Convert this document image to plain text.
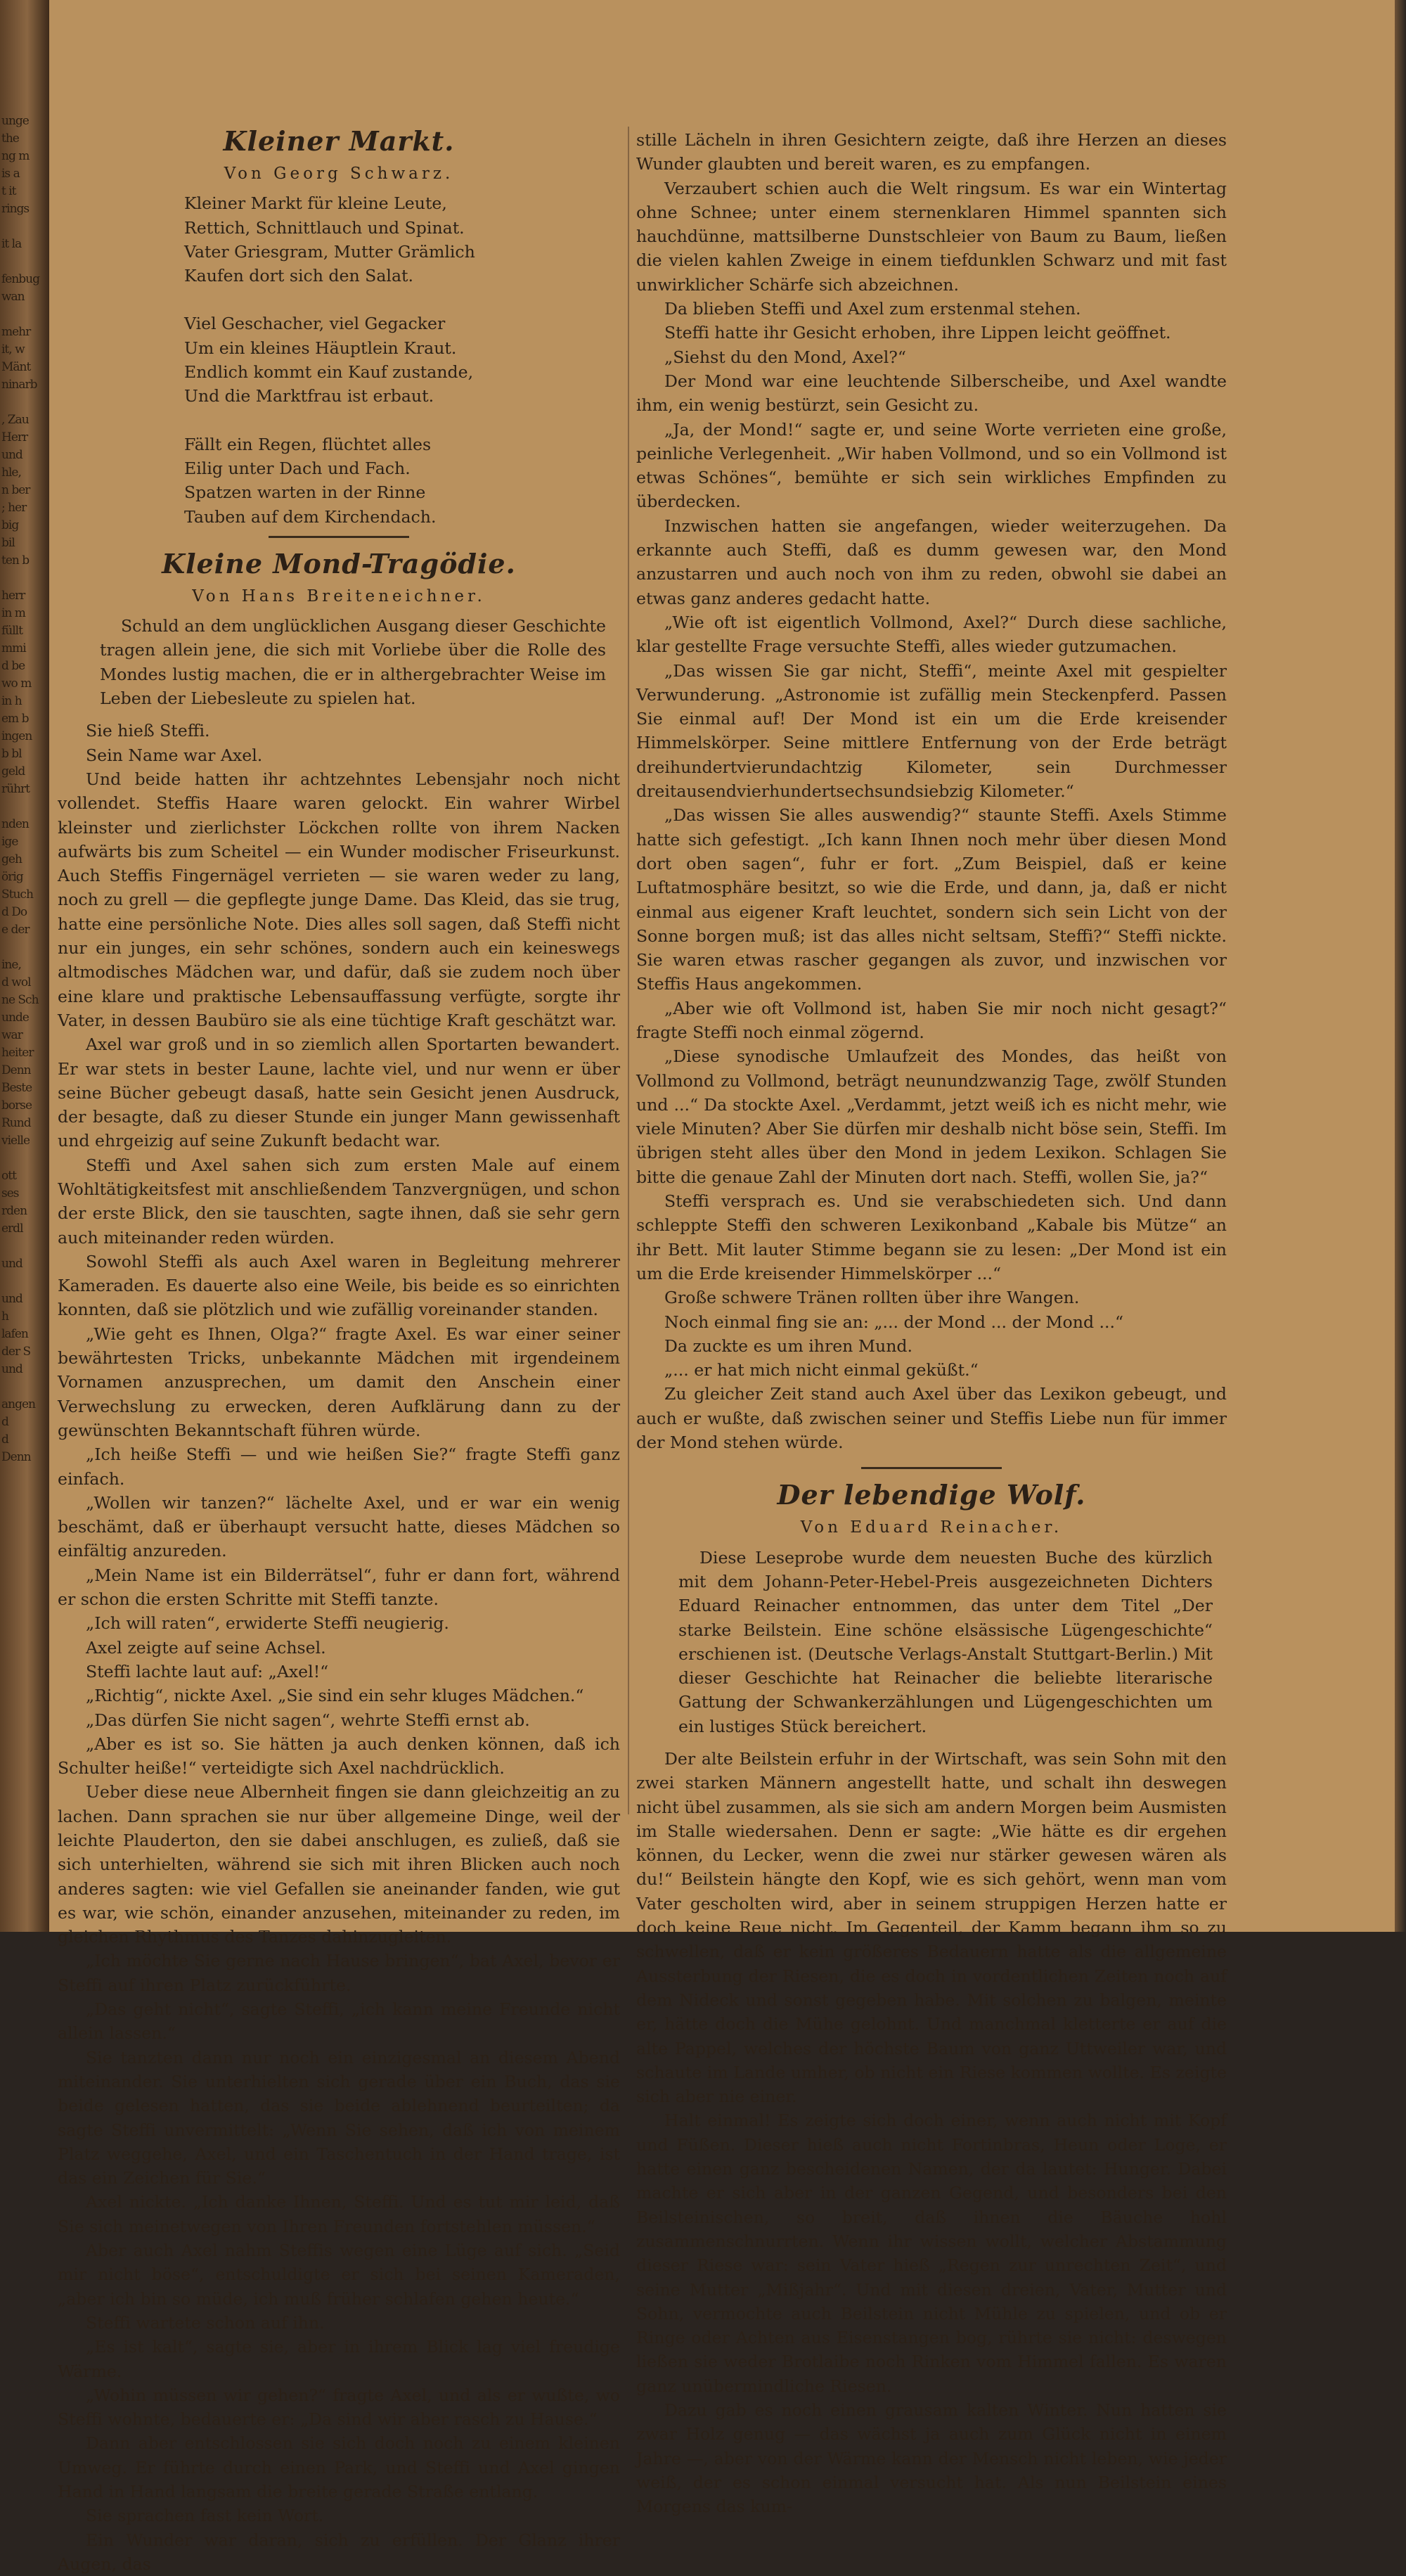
unge
the
ng m
is a
t it
rings

it la

fenbug
wan

mehr
it, w
Mänt
ninarb

, Zau
Herr
und
hle,
n ber
; her
big
bil
ten b

herr
in m
füllt
mmi
d be
wo m
in h
em b
ingen
b bl
geld
rührt

nden
ige
geh
örig
Stuch
d Do
e der

ine,
d wol
ne Sch
unde
war
heiter
Denn
Beste
borse
Rund
vielle

ott
ses
rden
erdl

und

und
h
lafen
der S
und

angen
d
d
Denn
Kleiner Markt.
Von Georg Schwarz.

Kleiner Markt für kleine Leute,

Rettich, Schnittlauch und Spinat.

Vater Griesgram, Mutter Grämlich

Kaufen dort sich den Salat.

Viel Geschacher, viel Gegacker

Um ein kleines Häuptlein Kraut.

Endlich kommt ein Kauf zustande,

Und die Marktfrau ist erbaut.

Fällt ein Regen, flüchtet alles

Eilig unter Dach und Fach.

Spatzen warten in der Rinne

Tauben auf dem Kirchendach.

Kleine Mond-Tragödie.
Von Hans Breiteneichner.

Schuld an dem unglücklichen Ausgang dieser Geschichte tragen allein jene, die sich mit Vorliebe über die Rolle des Mondes lustig machen, die er in althergebrachter Weise im Leben der Liebesleute zu spielen hat.

Sie hieß Steffi.

Sein Name war Axel.

Und beide hatten ihr achtzehntes Lebensjahr noch nicht vollendet. Steffis Haare waren gelockt. Ein wahrer Wirbel kleinster und zierlichster Löckchen rollte von ihrem Nacken aufwärts bis zum Scheitel — ein Wunder modischer Friseurkunst. Auch Steffis Fingernägel verrieten — sie waren weder zu lang, noch zu grell — die gepflegte junge Dame. Das Kleid, das sie trug, hatte eine persönliche Note. Dies alles soll sagen, daß Steffi nicht nur ein junges, ein sehr schönes, sondern auch ein keineswegs altmodisches Mädchen war, und dafür, daß sie zudem noch über eine klare und praktische Lebensauffassung verfügte, sorgte ihr Vater, in dessen Baubüro sie als eine tüchtige Kraft geschätzt war.

Axel war groß und in so ziemlich allen Sportarten bewandert. Er war stets in bester Laune, lachte viel, und nur wenn er über seine Bücher gebeugt dasaß, hatte sein Gesicht jenen Ausdruck, der besagte, daß zu dieser Stunde ein junger Mann gewissenhaft und ehrgeizig auf seine Zukunft bedacht war.

Steffi und Axel sahen sich zum ersten Male auf einem Wohltätigkeitsfest mit anschließendem Tanzvergnügen, und schon der erste Blick, den sie tauschten, sagte ihnen, daß sie sehr gern auch miteinander reden würden.

Sowohl Steffi als auch Axel waren in Begleitung mehrerer Kameraden. Es dauerte also eine Weile, bis beide es so einrichten konnten, daß sie plötzlich und wie zufällig voreinander standen.

„Wie geht es Ihnen, Olga?“ fragte Axel. Es war einer seiner bewährtesten Tricks, unbekannte Mädchen mit irgendeinem Vornamen anzusprechen, um damit den Anschein einer Verwechslung zu erwecken, deren Aufklärung dann zu der gewünschten Bekanntschaft führen würde.

„Ich heiße Steffi — und wie heißen Sie?“ fragte Steffi ganz einfach.

„Wollen wir tanzen?“ lächelte Axel, und er war ein wenig beschämt, daß er überhaupt versucht hatte, dieses Mädchen so einfältig anzureden.

„Mein Name ist ein Bilderrätsel“, fuhr er dann fort, während er schon die ersten Schritte mit Steffi tanzte.

„Ich will raten“, erwiderte Steffi neugierig.

Axel zeigte auf seine Achsel.

Steffi lachte laut auf: „Axel!“

„Richtig“, nickte Axel. „Sie sind ein sehr kluges Mädchen.“

„Das dürfen Sie nicht sagen“, wehrte Steffi ernst ab.

„Aber es ist so. Sie hätten ja auch denken können, daß ich Schulter heiße!“ verteidigte sich Axel nachdrücklich.

Ueber diese neue Albernheit fingen sie dann gleichzeitig an zu lachen. Dann sprachen sie nur über allgemeine Dinge, weil der leichte Plauderton, den sie dabei anschlugen, es zuließ, daß sie sich unterhielten, während sie sich mit ihren Blicken auch noch anderes sagten: wie viel Gefallen sie aneinander fanden, wie gut es war, wie schön, einander anzusehen, miteinander zu reden, im gleichen Rhythmus des Tanzes dahinzugleiten.

„Ich möchte Sie gerne nach Hause bringen“, bat Axel, bevor er Steffi auf ihren Platz zurückführte.

„Das geht nicht“, sagte Steffi, „ich kann meine Freunde nicht allein lassen.“

Sie tanzten dann nur noch ein einzigesmal an diesem Abend miteinander. Sie unterhielten sich gerade über ein Buch, das sie beide gelesen hatten, das sie beide ablehnend beurteilten; da sagte Steffi unvermittelt: „Wenn Sie sehen, daß ich von meinem Platz weggehe, Axel, und ein Taschentuch in der Hand trage, ist das ein Zeichen für Sie.“

Axel nickte. „Ich danke Ihnen, Steffi. Und es tut mir leid, daß Sie sich meinetwegen von Ihren Freunden fortstehlen müssen.“

Aber auch Axel nahm Steffis wegen eine Lüge auf sich. „Seid mir nicht böse“, entschuldigte er sich bei seinen Kameraden, „aber ich bin so müde, ich muß früher schlafen gehen heute.“

Steffi wartete schon auf ihn.

„Es ist kalt“, sagte sie, aber in ihrem Blick lag viel freudige Wärme.

„Wohin müssen wir gehen?“ fragte Axel, und als er wußte, wo Steffi wohnte, bedauerte er: „Da sind wir aber rasch zu Hause.“

Dann aber entschlossen sie sich doch noch zu einem kleinen Umweg. Er führte durch einen Park, und Steffi und Axel gingen Hand in Hand langsam die breite gerade Straße entlang.

Sie sprachen fast kein Wort.

Ein Wunder war daran, sich zu erfüllen. Der Glanz ihrer Augen, das

stille Lächeln in ihren Gesichtern zeigte, daß ihre Herzen an dieses Wunder glaubten und bereit waren, es zu empfangen.

Verzaubert schien auch die Welt ringsum. Es war ein Wintertag ohne Schnee; unter einem sternenklaren Himmel spannten sich hauchdünne, mattsilberne Dunstschleier von Baum zu Baum, ließen die vielen kahlen Zweige in einem tiefdunklen Schwarz und mit fast unwirklicher Schärfe sich abzeichnen.

Da blieben Steffi und Axel zum erstenmal stehen.

Steffi hatte ihr Gesicht erhoben, ihre Lippen leicht geöffnet.

„Siehst du den Mond, Axel?“

Der Mond war eine leuchtende Silberscheibe, und Axel wandte ihm, ein wenig bestürzt, sein Gesicht zu.

„Ja, der Mond!“ sagte er, und seine Worte verrieten eine große, peinliche Verlegenheit. „Wir haben Vollmond, und so ein Vollmond ist etwas Schönes“, bemühte er sich sein wirkliches Empfinden zu überdecken.

Inzwischen hatten sie angefangen, wieder weiterzugehen. Da erkannte auch Steffi, daß es dumm gewesen war, den Mond anzustarren und auch noch von ihm zu reden, obwohl sie dabei an etwas ganz anderes gedacht hatte.

„Wie oft ist eigentlich Vollmond, Axel?“ Durch diese sachliche, klar gestellte Frage versuchte Steffi, alles wieder gutzumachen.

„Das wissen Sie gar nicht, Steffi“, meinte Axel mit gespielter Verwunderung. „Astronomie ist zufällig mein Steckenpferd. Passen Sie einmal auf! Der Mond ist ein um die Erde kreisender Himmelskörper. Seine mittlere Entfernung von der Erde beträgt dreihundertvierundachtzig Kilometer, sein Durchmesser dreitausendvierhundertsechsundsiebzig Kilometer.“

„Das wissen Sie alles auswendig?“ staunte Steffi. Axels Stimme hatte sich gefestigt. „Ich kann Ihnen noch mehr über diesen Mond dort oben sagen“, fuhr er fort. „Zum Beispiel, daß er keine Luftatmosphäre besitzt, so wie die Erde, und dann, ja, daß er nicht einmal aus eigener Kraft leuchtet, sondern sich sein Licht von der Sonne borgen muß; ist das alles nicht seltsam, Steffi?“ Steffi nickte. Sie waren etwas rascher gegangen als zuvor, und inzwischen vor Steffis Haus angekommen.

„Aber wie oft Vollmond ist, haben Sie mir noch nicht gesagt?“ fragte Steffi noch einmal zögernd.

„Diese synodische Umlaufzeit des Mondes, das heißt von Vollmond zu Vollmond, beträgt neunundzwanzig Tage, zwölf Stunden und ...“ Da stockte Axel. „Verdammt, jetzt weiß ich es nicht mehr, wie viele Minuten? Aber Sie dürfen mir deshalb nicht böse sein, Steffi. Im übrigen steht alles über den Mond in jedem Lexikon. Schlagen Sie bitte die genaue Zahl der Minuten dort nach. Steffi, wollen Sie, ja?“

Steffi versprach es. Und sie verabschiedeten sich. Und dann schleppte Steffi den schweren Lexikonband „Kabale bis Mütze“ an ihr Bett. Mit lauter Stimme begann sie zu lesen: „Der Mond ist ein um die Erde kreisender Himmelskörper ...“

Große schwere Tränen rollten über ihre Wangen.

Noch einmal fing sie an: „... der Mond ... der Mond ...“

Da zuckte es um ihren Mund.

„... er hat mich nicht einmal geküßt.“

Zu gleicher Zeit stand auch Axel über das Lexikon gebeugt, und auch er wußte, daß zwischen seiner und Steffis Liebe nun für immer der Mond stehen würde.

Der lebendige Wolf.
Von Eduard Reinacher.

Diese Leseprobe wurde dem neuesten Buche des kürzlich mit dem Johann-Peter-Hebel-Preis ausgezeichneten Dichters Eduard Reinacher entnommen, das unter dem Titel „Der starke Beilstein. Eine schöne elsässische Lügengeschichte“ erschienen ist. (Deutsche Verlags-Anstalt Stuttgart-Berlin.) Mit dieser Geschichte hat Reinacher die beliebte literarische Gattung der Schwankerzählungen und Lügengeschichten um ein lustiges Stück bereichert.

Der alte Beilstein erfuhr in der Wirtschaft, was sein Sohn mit den zwei starken Männern angestellt hatte, und schalt ihn deswegen nicht übel zusammen, als sie sich am andern Morgen beim Ausmisten im Stalle wiedersahen. Denn er sagte: „Wie hätte es dir ergehen können, du Lecker, wenn die zwei nur stärker gewesen wären als du!“ Beilstein hängte den Kopf, wie es sich gehört, wenn man vom Vater gescholten wird, aber in seinem struppigen Herzen hatte er doch keine Reue nicht. Im Gegenteil, der Kamm begann ihm so zu schwellen, daß er kein größeres Bedauern hatte als die allgemeine Aussterbung der Riesen, die es doch in vordentlichen Zeiten noch auf dem Nideck und sonst gegeben habe. Mit solchen zu balgen, meinte er, hätte doch die Mühe gelohnt. Und manchmal kletterte er auf die alte Pappel, welches der höchste Baum von ganz Uttweiler war, und schaute im Lande umher, ob nicht ein Riese kommen wollte. Es zeigte sich aber nie einer.

Halt einmal! Es zeigte sich doch einer, wenn auch nicht mit Kopf und Füßen. Dieser hieß auch nicht Fortinbras, Heun oder Loge, er hatte einen ganz bescheidenen Namen, der da lautet: Hunger. Dabei machte er sich aber in der ganzen Gegend, und besonders bei den Beilsteinischen, so breit, daß ihnen die Bäuche hohl zusammenschnurrten. Wenn ihr wissen wollt, welcher Abstammung dieser Riese war: sein Vater hieß „Regen zur unrechten Zeit“, und seine Mutter „Mißjahr“. Und mit diesen dreien, Vater, Mutter und Sohn, vermochte auch Beilstein nicht Mühle zu spielen, und ob er Ringe oder Achten aus Eisenstangen bog, rührte sie nicht: deswegen ließen sie weder Brotlaibe noch Rinken vom Himmel fallen. Es waren ganz unübermindliche Riesen.

Dazu gab es noch einen grausam kalten Winter. Nun hatten sie zwar Holz genug — das wächst ja auch zum Glück nicht in einem Jahre —, aber von der Wärme kann der Mensch nicht leben, wie jeder weiß, der es schon einmal versucht hat. Als nun Beilstein eines Morgens das kum-
